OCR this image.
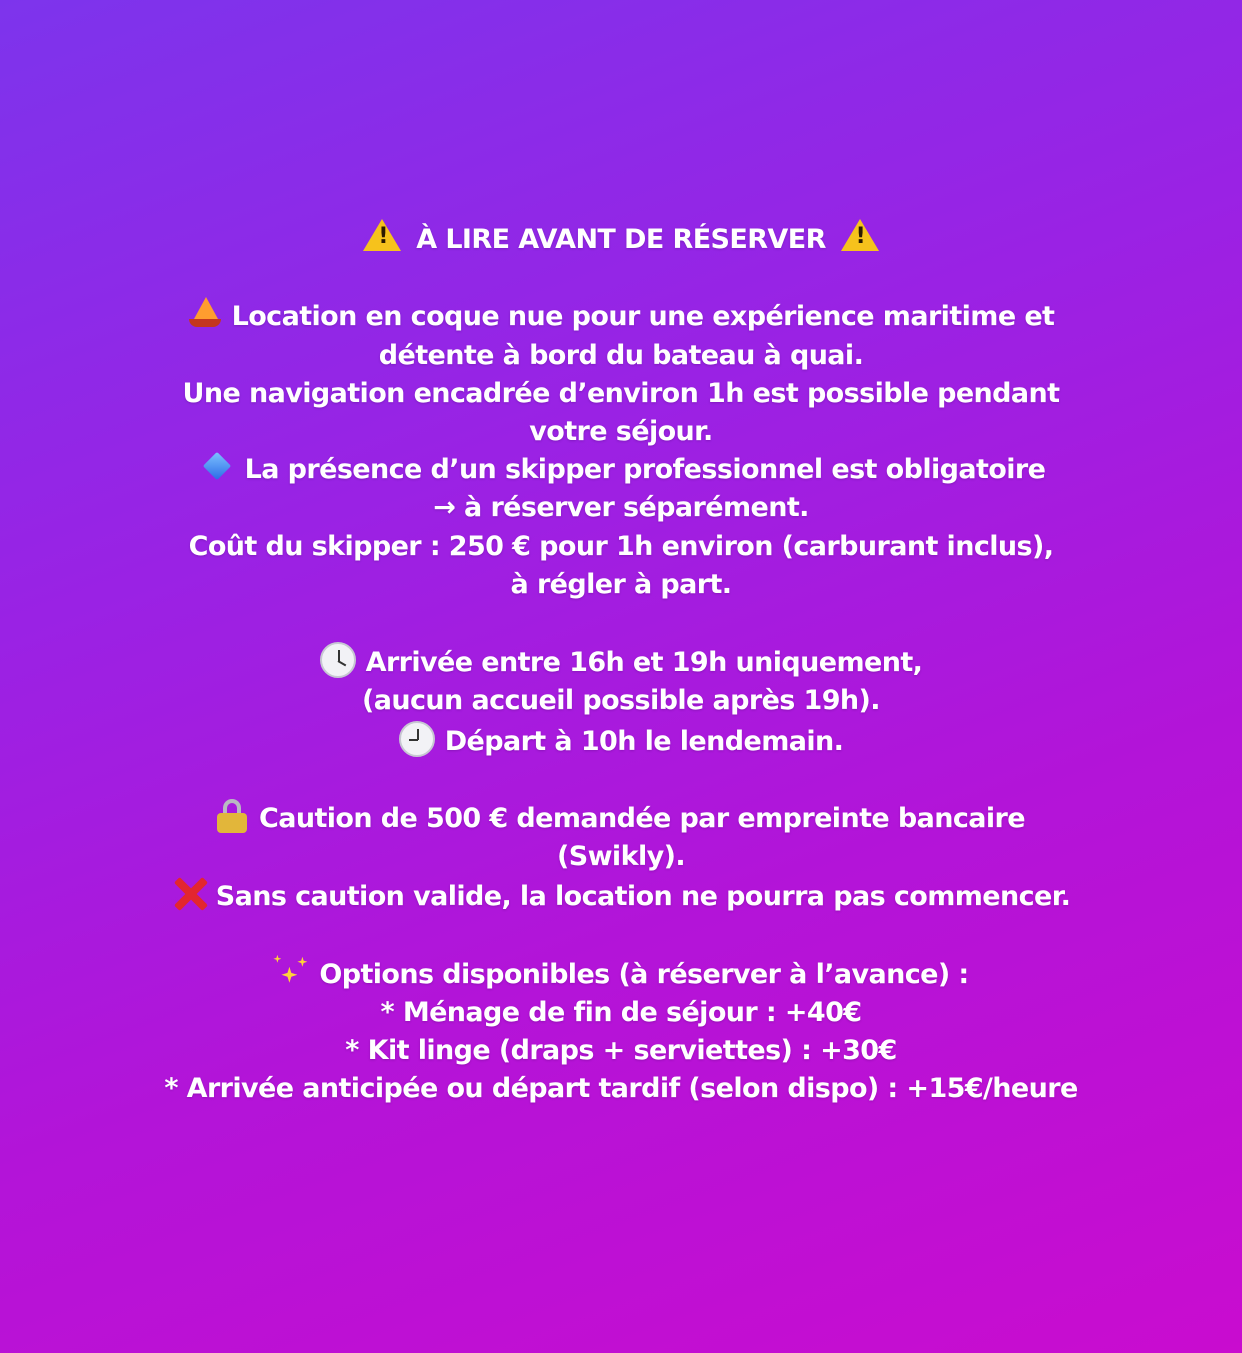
! À LIRE AVANT DE RÉSERVER !
Location en coque nue pour une expérience maritime et
détente à bord du bateau à quai.
Une navigation encadrée d’environ 1h est possible pendant
votre séjour.
La présence d’un skipper professionnel est obligatoire
→ à réserver séparément.
Coût du skipper : 250 € pour 1h environ (carburant inclus),
à régler à part.
Arrivée entre 16h et 19h uniquement,
(aucun accueil possible après 19h).
Départ à 10h le lendemain.
Caution de 500 € demandée par empreinte bancaire
(Swikly).
Sans caution valide, la location ne pourra pas commencer.
Options disponibles (à réserver à l’avance) :
* Ménage de fin de séjour : +40€
* Kit linge (draps + serviettes) : +30€
* Arrivée anticipée ou départ tardif (selon dispo) : +15€/heure
